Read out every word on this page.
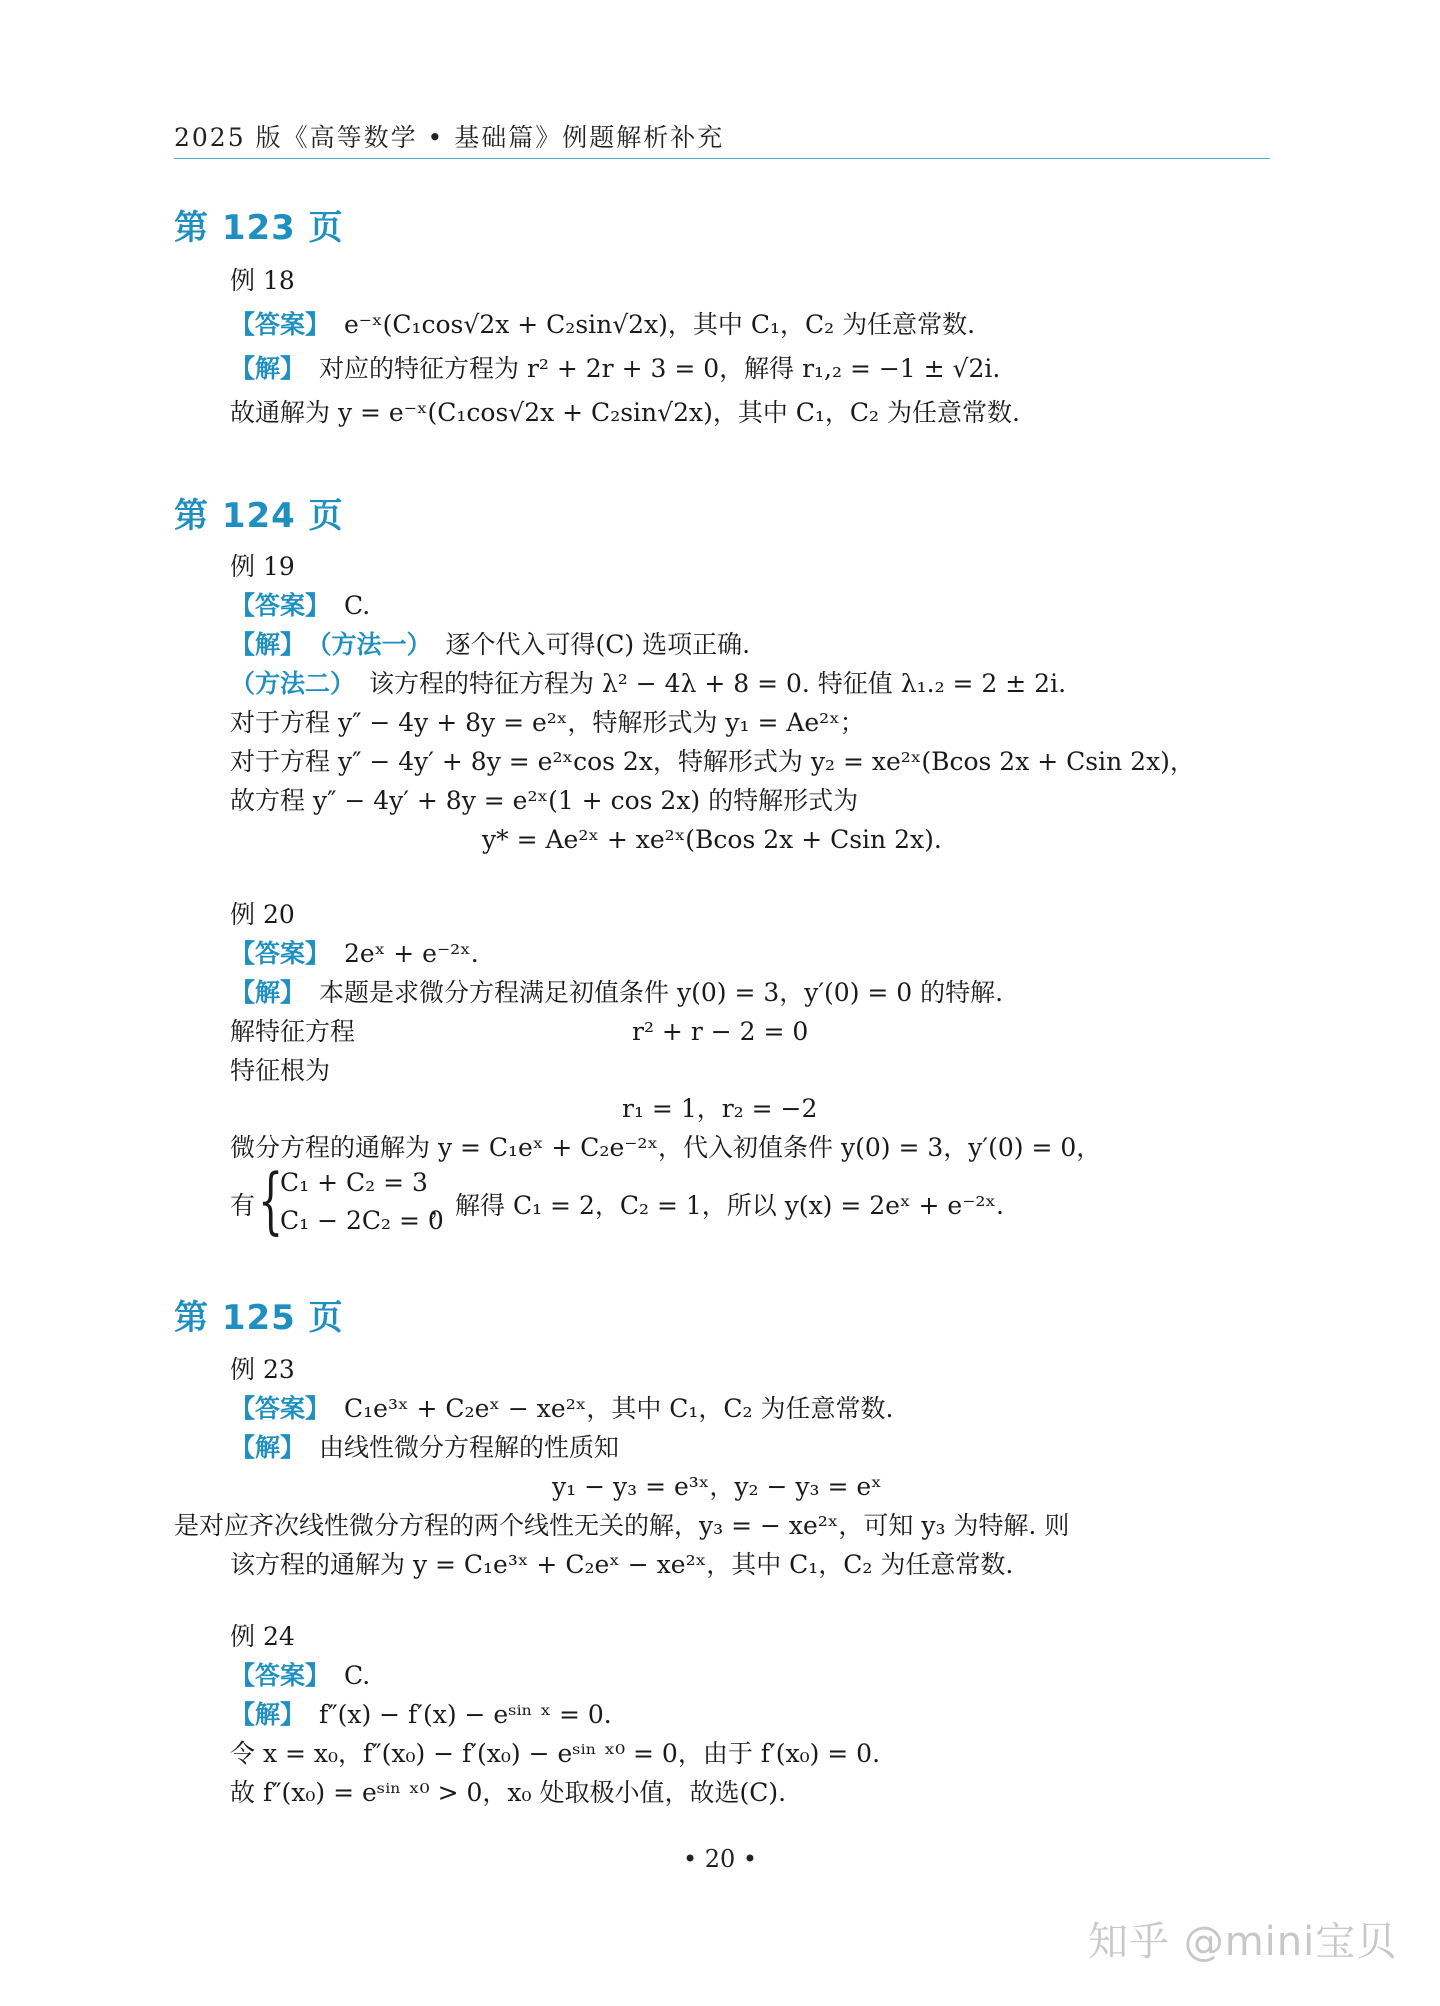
2025 版《高等数学 • 基础篇》例题解析补充
第 123 页
例 18
【答案】 e⁻ˣ(C₁cos√2x + C₂sin√2x)，其中 C₁，C₂ 为任意常数.
【解】 对应的特征方程为 r² + 2r + 3 = 0，解得 r₁,₂ = −1 ± √2i.
故通解为 y = e⁻ˣ(C₁cos√2x + C₂sin√2x)，其中 C₁，C₂ 为任意常数.
第 124 页
例 19
【答案】 C.
【解】 （方法一） 逐个代入可得(C) 选项正确.
（方法二） 该方程的特征方程为 λ² − 4λ + 8 = 0. 特征值 λ₁.₂ = 2 ± 2i.
对于方程 y″ − 4y + 8y = e²ˣ，特解形式为 y₁ = Ae²ˣ；
对于方程 y″ − 4y′ + 8y = e²ˣcos 2x，特解形式为 y₂ = xe²ˣ(Bcos 2x + Csin 2x)，
故方程 y″ − 4y′ + 8y = e²ˣ(1 + cos 2x) 的特解形式为
y* = Ae²ˣ + xe²ˣ(Bcos 2x + Csin 2x).
例 20
【答案】 2eˣ + e⁻²ˣ.
【解】 本题是求微分方程满足初值条件 y(0) = 3，y′(0) = 0 的特解.
解特征方程	r² + r − 2 = 0
特征根为
r₁ = 1，r₂ = −2
微分方程的通解为 y = C₁eˣ + C₂e⁻²ˣ，代入初值条件 y(0) = 3，y′(0) = 0，
有 {
C₁ + C₂ = 3
C₁ − 2C₂ = 0
，解得 C₁ = 2，C₂ = 1，所以 y(x) = 2eˣ + e⁻²ˣ.
第 125 页
例 23
【答案】 C₁e³ˣ + C₂eˣ − xe²ˣ，其中 C₁，C₂ 为任意常数.
【解】 由线性微分方程解的性质知
y₁ − y₃ = e³ˣ，y₂ − y₃ = eˣ
是对应齐次线性微分方程的两个线性无关的解，y₃ = − xe²ˣ，可知 y₃ 为特解. 则
该方程的通解为 y = C₁e³ˣ + C₂eˣ − xe²ˣ，其中 C₁，C₂ 为任意常数.
例 24
【答案】 C.
【解】 f″(x) − f′(x) − eˢⁱⁿ ˣ = 0.
令 x = x₀，f″(x₀) − f′(x₀) − eˢⁱⁿ ˣ⁰ = 0，由于 f′(x₀) = 0.
故 f″(x₀) = eˢⁱⁿ ˣ⁰ > 0，x₀ 处取极小值，故选(C).
• 20 •
知乎 @mini宝贝
